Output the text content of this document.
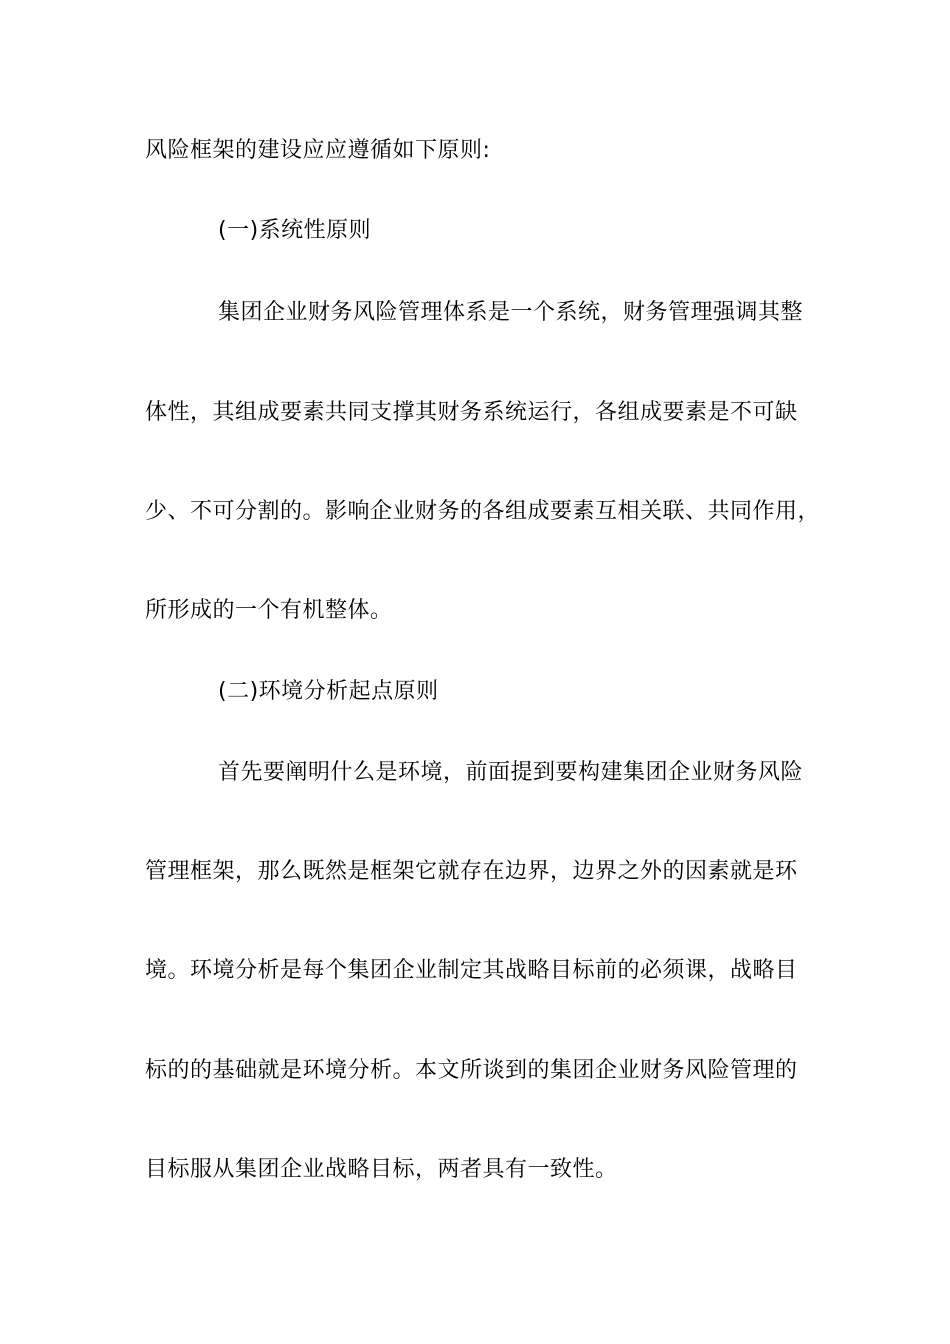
风险框架的建设应应遵循如下原则:
(一)系统性原则
集团企业财务风险管理体系是一个系统，财务管理强调其整
体性，其组成要素共同支撑其财务系统运行，各组成要素是不可缺
少、不可分割的。影响企业财务的各组成要素互相关联、共同作用，
所形成的一个有机整体。
(二)环境分析起点原则
首先要阐明什么是环境，前面提到要构建集团企业财务风险
管理框架，那么既然是框架它就存在边界，边界之外的因素就是环
境。环境分析是每个集团企业制定其战略目标前的必须课，战略目
标的的基础就是环境分析。本文所谈到的集团企业财务风险管理的
目标服从集团企业战略目标，两者具有一致性。
